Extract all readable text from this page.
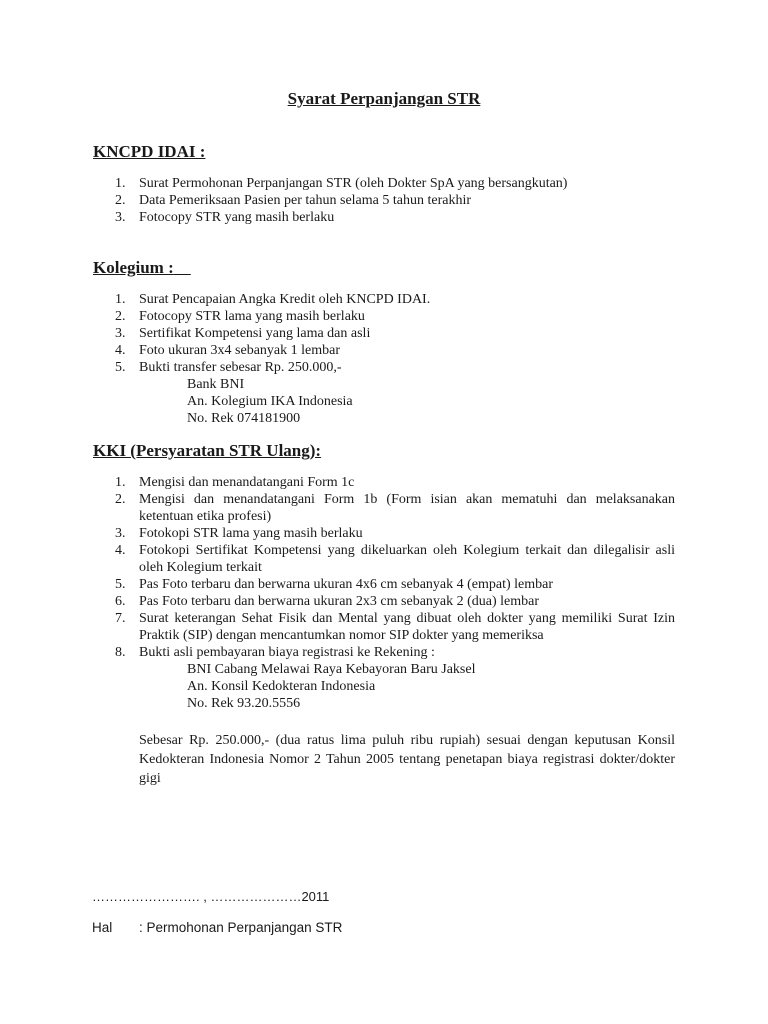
Syarat Perpanjangan STR
KNCPD IDAI :
1. Surat Permohonan Perpanjangan STR (oleh Dokter SpA yang bersangkutan)
2. Data Pemeriksaan Pasien per tahun selama 5 tahun terakhir
3. Fotocopy STR yang masih berlaku
Kolegium :
1. Surat Pencapaian Angka Kredit oleh KNCPD IDAI.
2. Fotocopy STR lama yang masih berlaku
3. Sertifikat Kompetensi yang lama dan asli
4. Foto ukuran 3x4 sebanyak 1 lembar
5. Bukti transfer sebesar Rp. 250.000,-
Bank BNI
An. Kolegium IKA Indonesia
No. Rek 074181900
KKI (Persyaratan STR Ulang):
1. Mengisi dan menandatangani Form 1c
2. Mengisi dan menandatangani Form 1b (Form isian akan mematuhi dan melaksanakan ketentuan etika profesi)
3. Fotokopi STR lama yang masih berlaku
4. Fotokopi Sertifikat Kompetensi yang dikeluarkan oleh Kolegium terkait dan dilegalisir asli oleh Kolegium terkait
5. Pas Foto terbaru dan berwarna ukuran 4x6 cm sebanyak 4 (empat) lembar
6. Pas Foto terbaru dan berwarna ukuran 2x3 cm sebanyak 2 (dua) lembar
7. Surat keterangan Sehat Fisik dan Mental yang dibuat oleh dokter yang memiliki Surat Izin Praktik (SIP) dengan mencantumkan nomor SIP dokter yang memeriksa
8. Bukti asli pembayaran biaya registrasi ke Rekening :
BNI Cabang Melawai Raya Kebayoran Baru Jaksel
An. Konsil Kedokteran Indonesia
No. Rek 93.20.5556
Sebesar Rp. 250.000,- (dua ratus lima puluh ribu rupiah) sesuai dengan keputusan Konsil Kedokteran Indonesia Nomor 2 Tahun 2005 tentang penetapan biaya registrasi dokter/dokter gigi
……………………. , …………………2011
Hal : Permohonan Perpanjangan STR
